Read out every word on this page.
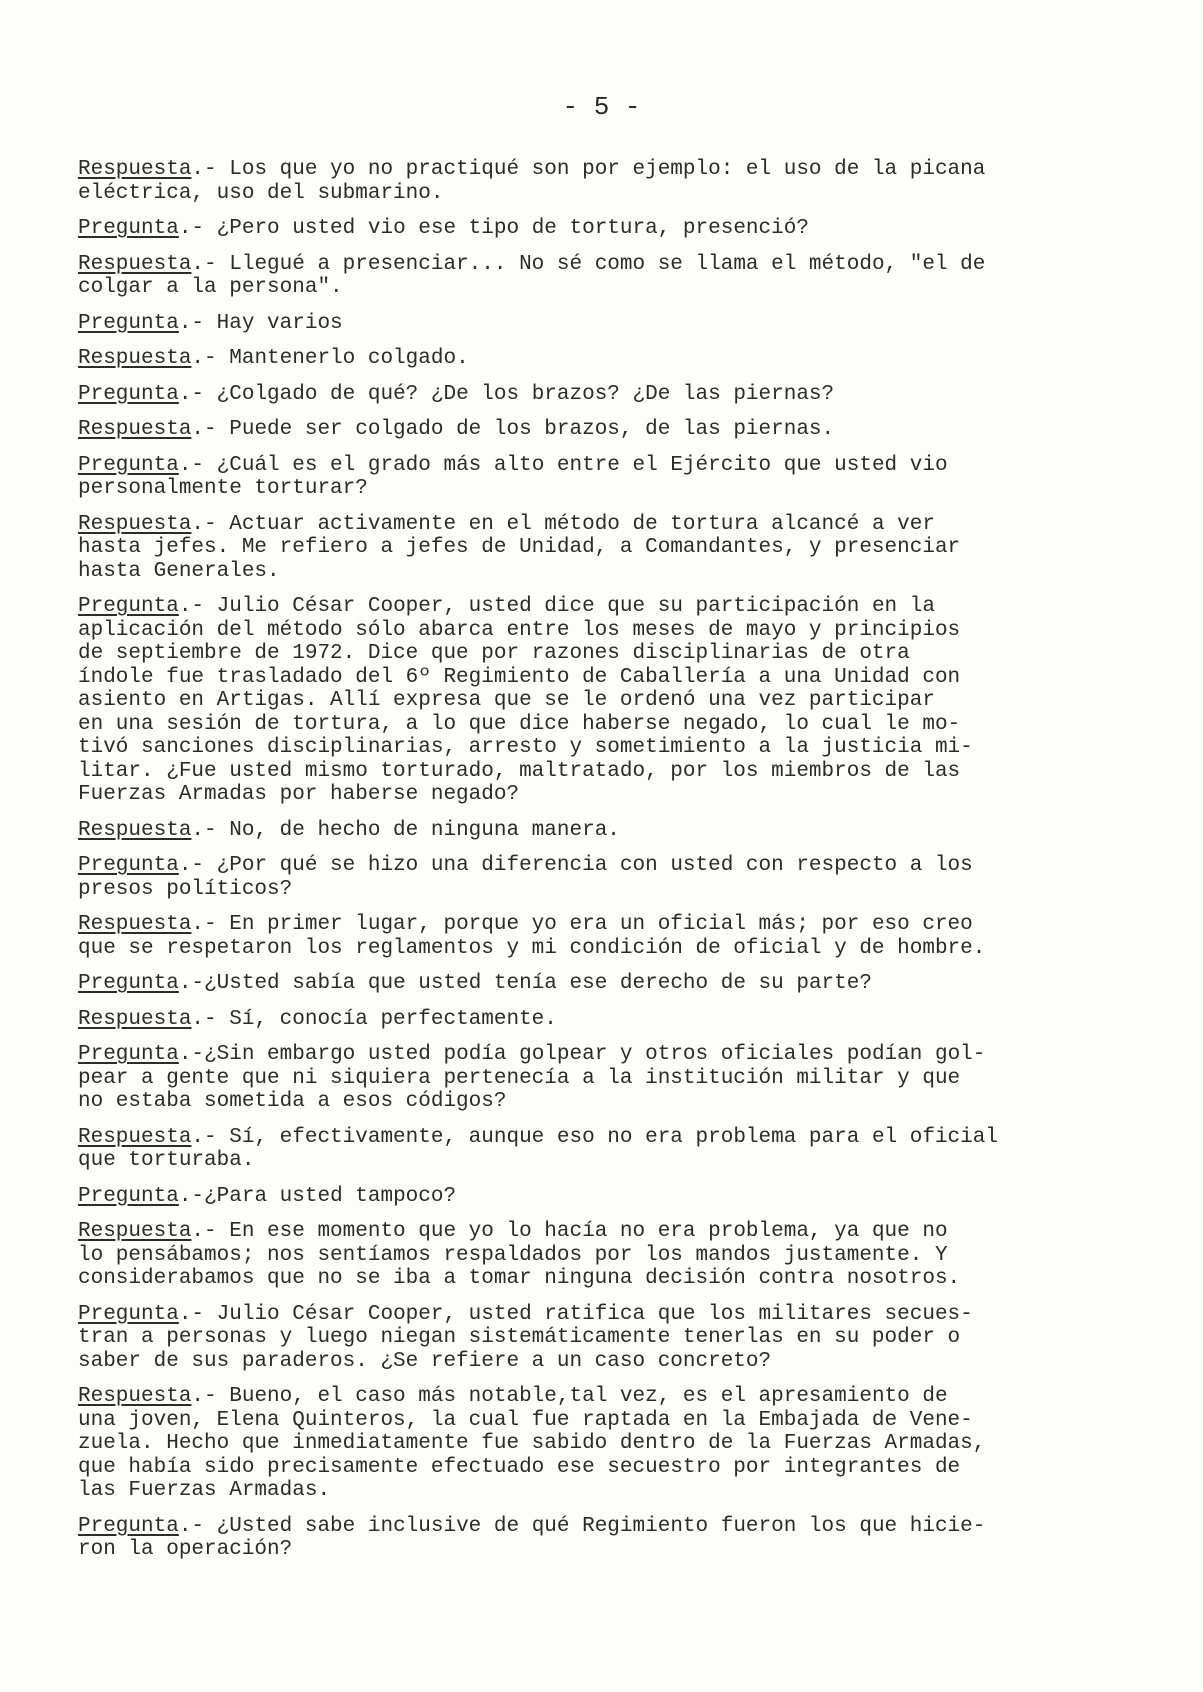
- 5 -

Respuesta.- Los que yo no practiqué son por ejemplo: el uso de la picana
eléctrica, uso del submarino.

Pregunta.- ¿Pero usted vio ese tipo de tortura, presenció?

Respuesta.- Llegué a presenciar... No sé como se llama el método, "el de
colgar a la persona".

Pregunta.- Hay varios

Respuesta.- Mantenerlo colgado.

Pregunta.- ¿Colgado de qué? ¿De los brazos? ¿De las piernas?

Respuesta.- Puede ser colgado de los brazos, de las piernas.

Pregunta.- ¿Cuál es el grado más alto entre el Ejército que usted vio
personalmente torturar?

Respuesta.- Actuar activamente en el método de tortura alcancé a ver
hasta jefes. Me refiero a jefes de Unidad, a Comandantes, y presenciar
hasta Generales.

Pregunta.- Julio César Cooper, usted dice que su participación en la
aplicación del método sólo abarca entre los meses de mayo y principios
de septiembre de 1972. Dice que por razones disciplinarias de otra
índole fue trasladado del 6º Regimiento de Caballería a una Unidad con
asiento en Artigas. Allí expresa que se le ordenó una vez participar
en una sesión de tortura, a lo que dice haberse negado, lo cual le mo-
tivó sanciones disciplinarias, arresto y sometimiento a la justicia mi-
litar. ¿Fue usted mismo torturado, maltratado, por los miembros de las
Fuerzas Armadas por haberse negado?

Respuesta.- No, de hecho de ninguna manera.

Pregunta.- ¿Por qué se hizo una diferencia con usted con respecto a los
presos políticos?

Respuesta.- En primer lugar, porque yo era un oficial más; por eso creo
que se respetaron los reglamentos y mi condición de oficial y de hombre.

Pregunta.-¿Usted sabía que usted tenía ese derecho de su parte?

Respuesta.- Sí, conocía perfectamente.

Pregunta.-¿Sin embargo usted podía golpear y otros oficiales podían gol-
pear a gente que ni siquiera pertenecía a la institución militar y que
no estaba sometida a esos códigos?

Respuesta.- Sí, efectivamente, aunque eso no era problema para el oficial
que torturaba.

Pregunta.-¿Para usted tampoco?

Respuesta.- En ese momento que yo lo hacía no era problema, ya que no
lo pensábamos; nos sentíamos respaldados por los mandos justamente. Y
considerabamos que no se iba a tomar ninguna decisión contra nosotros.

Pregunta.- Julio César Cooper, usted ratifica que los militares secues-
tran a personas y luego niegan sistemáticamente tenerlas en su poder o
saber de sus paraderos. ¿Se refiere a un caso concreto?

Respuesta.- Bueno, el caso más notable,tal vez, es el apresamiento de
una joven, Elena Quinteros, la cual fue raptada en la Embajada de Vene-
zuela. Hecho que inmediatamente fue sabido dentro de la Fuerzas Armadas,
que había sido precisamente efectuado ese secuestro por integrantes de
las Fuerzas Armadas.

Pregunta.- ¿Usted sabe inclusive de qué Regimiento fueron los que hicie-
ron la operación?
